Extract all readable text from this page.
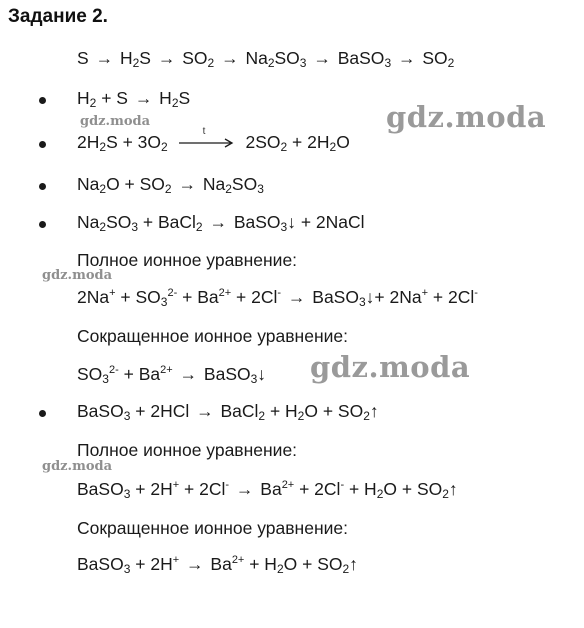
Задание 2.
$S \to H_2S \to SO_2 \to Na_2SO_3$ → BaSO$_3$ → $SO_2$
$H_2 + S \to H_2S$
$2H_2S + 3O_2$
t
$2SO_2 + 2H_2O$
$Na_2O + SO_2 \to Na_2SO_3$
$Na_2SO_3$ + BaCl$_2$ → BaSO$_3$↓ + 2NaCl
Полное ионное уравнение:
$2Na^+ + SO_3^{2-} + Ba^{2+} + 2Cl^-$ → BaSO$_3$↓+ 2Na+ + 2Cl-
Сокращенное ионное уравнение:
$SO_3^{2-} + Ba^{2+}$ → BaSO$_3$↓
BaSO$_3$ + 2HCl → BaCl$_2$ + $H_2O$ + $SO_2↑$
Полное ионное уравнение:
BaSO$_3$ + $2H^+ + 2Cl^- \to Ba^{2+} + 2Cl^- + H_2O$ + $SO_2↑$
Сокращенное ионное уравнение:
BaSO$_3$ + $2H^+ \to Ba^{2+} + H_2O$ + $SO_2↑$
gdz.moda
gdz.moda
gdz.moda
gdz.moda
gdz.moda
